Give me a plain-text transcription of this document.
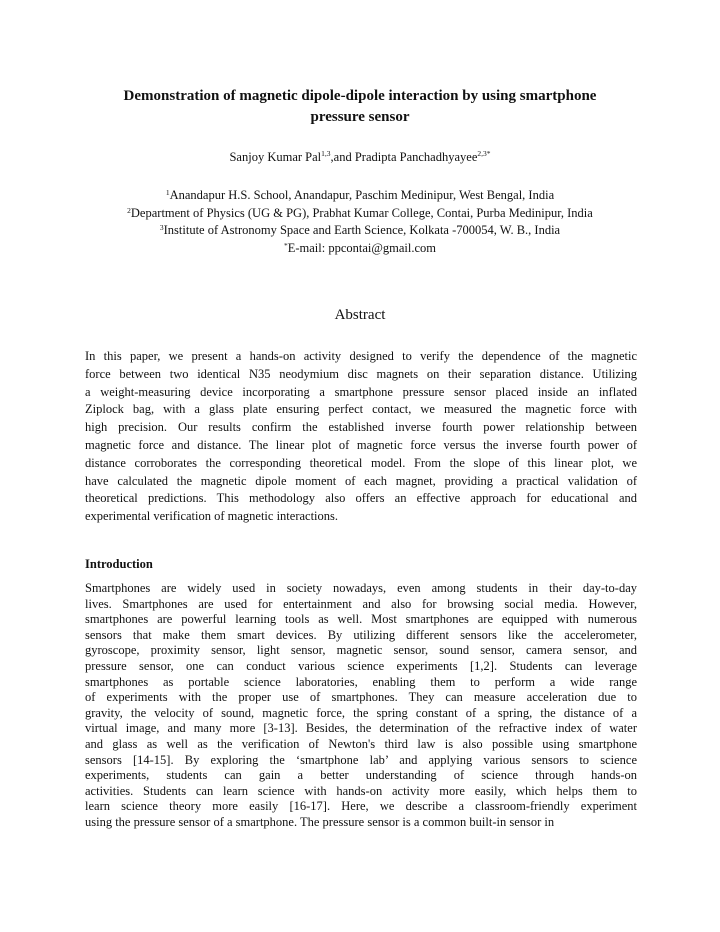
Demonstration of magnetic dipole-dipole interaction by using smartphone
pressure sensor
Sanjoy Kumar Pal$^{1,3}$,and Pradipta Panchadhyayee$^{2,3*}$
$^1$Anandapur H.S. School, Anandapur, Paschim Medinipur, West Bengal, India
$^2$Department of Physics (UG & PG), Prabhat Kumar College, Contai, Purba Medinipur, India
$^3$Institute of Astronomy Space and Earth Science, Kolkata -700054, W. B., India
*E-mail: ppcontai@gmail.com
Abstract
In this paper, we present a hands-on activity designed to verify the dependence of the magnetic
force between two identical N35 neodymium disc magnets on their separation distance. Utilizing
a weight-measuring device incorporating a smartphone pressure sensor placed inside an inflated
Ziplock bag, with a glass plate ensuring perfect contact, we measured the magnetic force with
high precision. Our results confirm the established inverse fourth power relationship between
magnetic force and distance. The linear plot of magnetic force versus the inverse fourth power of
distance corroborates the corresponding theoretical model. From the slope of this linear plot, we
have calculated the magnetic dipole moment of each magnet, providing a practical validation of
theoretical predictions. This methodology also offers an effective approach for educational and
experimental verification of magnetic interactions.
Introduction
Smartphones are widely used in society nowadays, even among students in their day-to-day
lives. Smartphones are used for entertainment and also for browsing social media. However,
smartphones are powerful learning tools as well. Most smartphones are equipped with numerous
sensors that make them smart devices. By utilizing different sensors like the accelerometer,
gyroscope, proximity sensor, light sensor, magnetic sensor, sound sensor, camera sensor, and
pressure sensor, one can conduct various science experiments [1,2]. Students can leverage
smartphones as portable science laboratories, enabling them to perform a wide range
of experiments with the proper use of smartphones. They can measure acceleration due to
gravity, the velocity of sound, magnetic force, the spring constant of a spring, the distance of a
virtual image, and many more [3-13]. Besides, the determination of the refractive index of water
and glass as well as the verification of Newton's third law is also possible using smartphone
sensors [14-15]. By exploring the ‘smartphone lab’ and applying various sensors to science
experiments, students can gain a better understanding of science through hands-on
activities. Students can learn science with hands-on activity more easily, which helps them to
learn science theory more easily [16-17]. Here, we describe a classroom-friendly experiment
using the pressure sensor of a smartphone. The pressure sensor is a common built-in sensor in
